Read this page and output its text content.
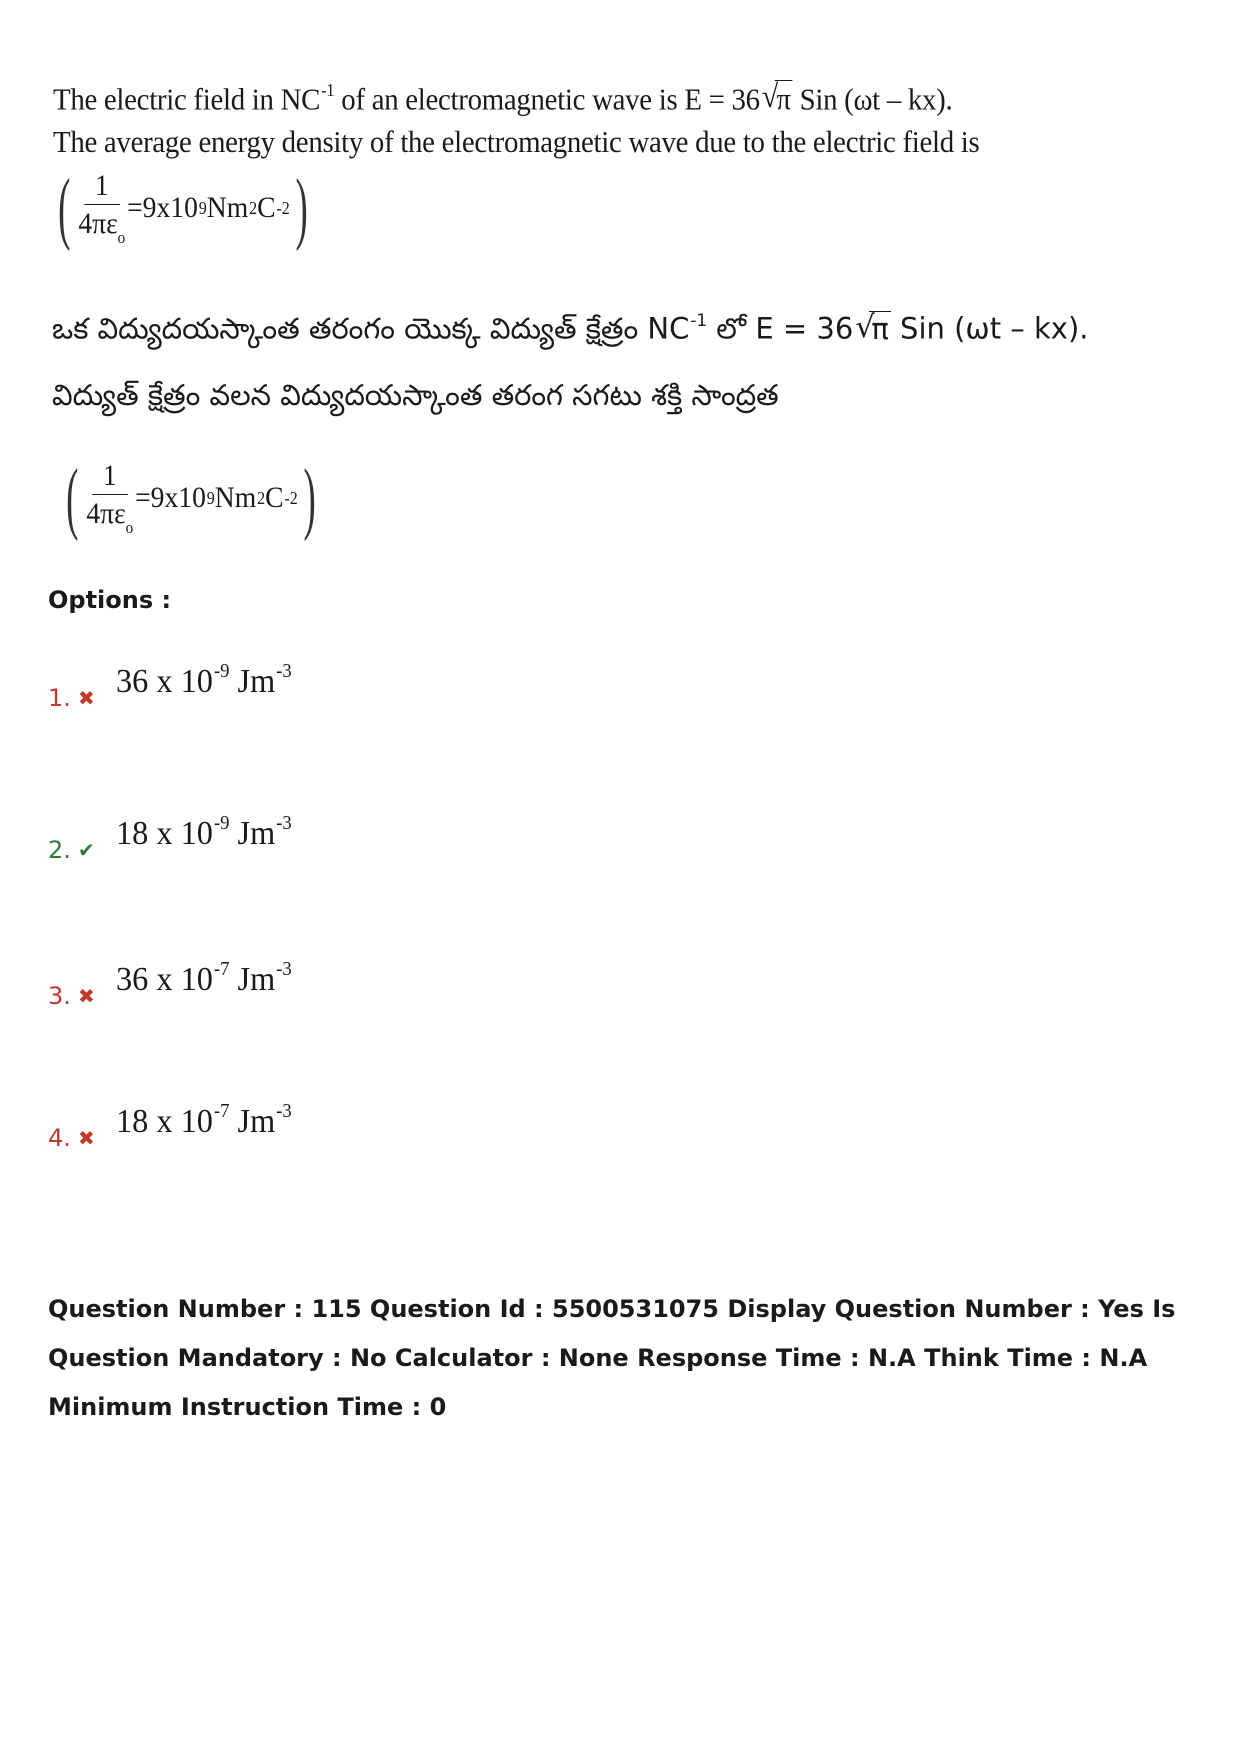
The electric field in $NC^{-1}$ of an electromagnetic wave is E = 36 √
π Sin (ωt – kx).
The average energy density of the electromagnetic wave due to the electric field is
( $\frac{1}{4\pi\varepsilon_o} =9x10$ 9 Nm 2 C -2 )
ఒక విద్యుదయస్కాంత తరంగం యొక్క విద్యుత్ క్షేత్రం $NC^{-1}$ లో E = 36 √
π Sin (ωt – kx).
విద్యుత్ క్షేత్రం వలన విద్యుదయస్కాంత తరంగ సగటు శక్తి సాంద్రత
( $\frac{1}{4\pi\varepsilon_o} =9x10$ 9 Nm 2 C -2 )
Options :
1. ✖ 36 x $10^{-9}$ $Jm^{-3}$
2. ✔ 18 x $10^{-9}$ $Jm^{-3}$
3. ✖ 36 x $10^{-7}$ $Jm^{-3}$
4. ✖ 18 x $10^{-7}$ $Jm^{-3}$
Question Number : 115 Question Id : 5500531075 Display Question Number : Yes Is Question Mandatory : No Calculator : None Response Time : N.A Think Time : N.A Minimum Instruction Time : 0
